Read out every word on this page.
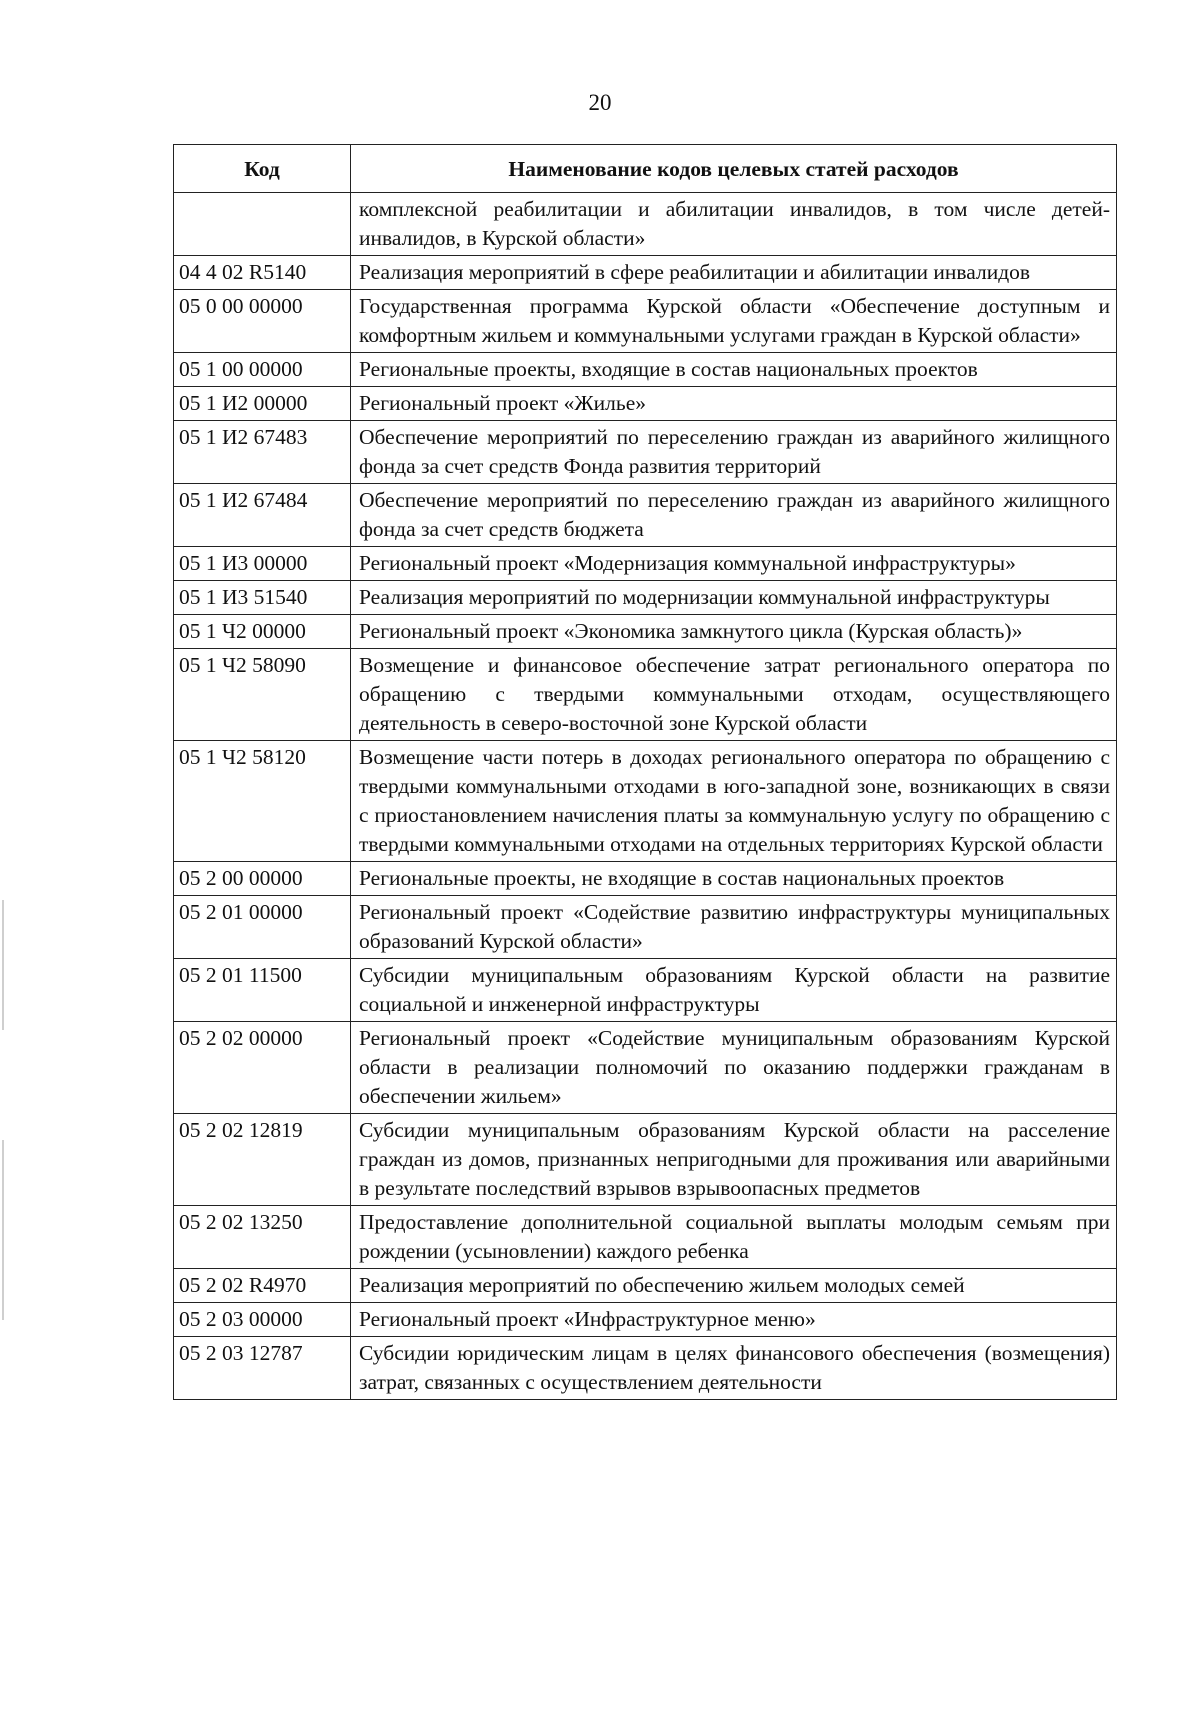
20
Код	Наименование кодов целевых статей расходов
	комплексной реабилитации и абилитации инвалидов, в том числе детей-инвалидов, в Курской области»
04 4 02 R5140	Реализация мероприятий в сфере реабилитации и абилитации инвалидов
05 0 00 00000	Государственная программа Курской области «Обеспечение доступным и комфортным жильем и коммунальными услугами граждан в Курской области»
05 1 00 00000	Региональные проекты, входящие в состав национальных проектов
05 1 И2 00000	Региональный проект «Жилье»
05 1 И2 67483	Обеспечение мероприятий по переселению граждан из аварийного жилищного фонда за счет средств Фонда развития территорий
05 1 И2 67484	Обеспечение мероприятий по переселению граждан из аварийного жилищного фонда за счет средств бюджета
05 1 И3 00000	Региональный проект «Модернизация коммунальной инфраструктуры»
05 1 И3 51540	Реализация мероприятий по модернизации коммунальной инфраструктуры
05 1 Ч2 00000	Региональный проект «Экономика замкнутого цикла (Курская область)»
05 1 Ч2 58090	Возмещение и финансовое обеспечение затрат регионального оператора по обращению с твердыми коммунальными отходам, осуществляющего деятельность в северо-восточной зоне Курской области
05 1 Ч2 58120	Возмещение части потерь в доходах регионального оператора по обращению с твердыми коммунальными отходами в юго-западной зоне, возникающих в связи с приостановлением начисления платы за коммунальную услугу по обращению с твердыми коммунальными отходами на отдельных территориях Курской области
05 2 00 00000	Региональные проекты, не входящие в состав национальных проектов
05 2 01 00000	Региональный проект «Содействие развитию инфраструктуры муниципальных образований Курской области»
05 2 01 11500	Субсидии муниципальным образованиям Курской области на развитие социальной и инженерной инфраструктуры
05 2 02 00000	Региональный проект «Содействие муниципальным образованиям Курской области в реализации полномочий по оказанию поддержки гражданам в обеспечении жильем»
05 2 02 12819	Субсидии муниципальным образованиям Курской области на расселение граждан из домов, признанных непригодными для проживания или аварийными в результате последствий взрывов взрывоопасных предметов
05 2 02 13250	Предоставление дополнительной социальной выплаты молодым семьям при рождении (усыновлении) каждого ребенка
05 2 02 R4970	Реализация мероприятий по обеспечению жильем молодых семей
05 2 03 00000	Региональный проект «Инфраструктурное меню»
05 2 03 12787	Субсидии юридическим лицам в целях финансового обеспечения (возмещения) затрат, связанных с осуществлением деятельности
